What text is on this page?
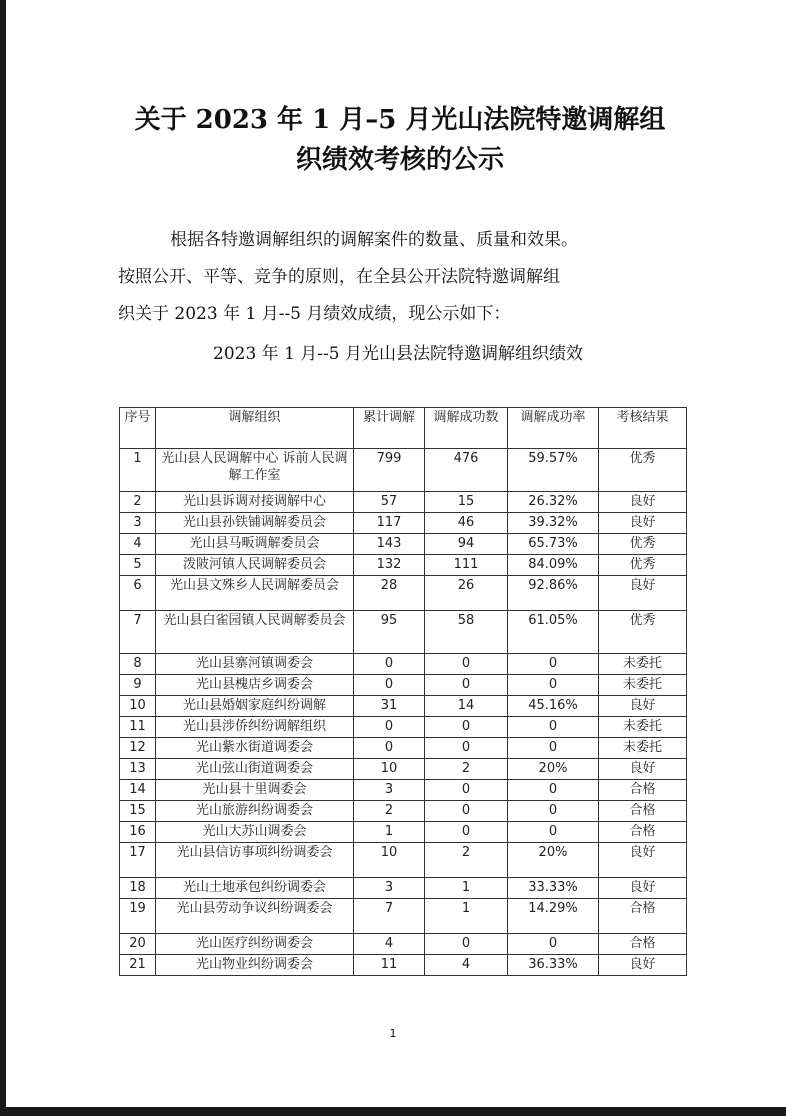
关于 2023 年 1 月–5 月光山法院特邀调解组
织绩效考核的公示
根据各特邀调解组织的调解案件的数量、质量和效果。
按照公开、平等、竞争的原则，在全县公开法院特邀调解组
织关于 2023 年 1 月--5 月绩效成绩，现公示如下：
2023 年 1 月--5 月光山县法院特邀调解组织绩效
序号	调解组织	累计调解	调解成功数	调解成功率	考核结果
1	光山县人民调解中心 诉前人民调解工作室	799	476	59.57%	优秀
2	光山县诉调对接调解中心	57	15	26.32%	良好
3	光山县孙铁铺调解委员会	117	46	39.32%	良好
4	光山县马畈调解委员会	143	94	65.73%	优秀
5	泼陂河镇人民调解委员会	132	111	84.09%	优秀
6	光山县文殊乡人民调解委员会	28	26	92.86%	良好
7	光山县白雀园镇人民调解委员会	95	58	61.05%	优秀
8	光山县寨河镇调委会	0	0	0	未委托
9	光山县槐店乡调委会	0	0	0	未委托
10	光山县婚姻家庭纠纷调解	31	14	45.16%	良好
11	光山县涉侨纠纷调解组织	0	0	0	未委托
12	光山紫水街道调委会	0	0	0	未委托
13	光山弦山街道调委会	10	2	20%	良好
14	光山县十里调委会	3	0	0	合格
15	光山旅游纠纷调委会	2	0	0	合格
16	光山大苏山调委会	1	0	0	合格
17	光山县信访事项纠纷调委会	10	2	20%	良好
18	光山土地承包纠纷调委会	3	1	33.33%	良好
19	光山县劳动争议纠纷调委会	7	1	14.29%	合格
20	光山医疗纠纷调委会	4	0	0	合格
21	光山物业纠纷调委会	11	4	36.33%	良好
1
